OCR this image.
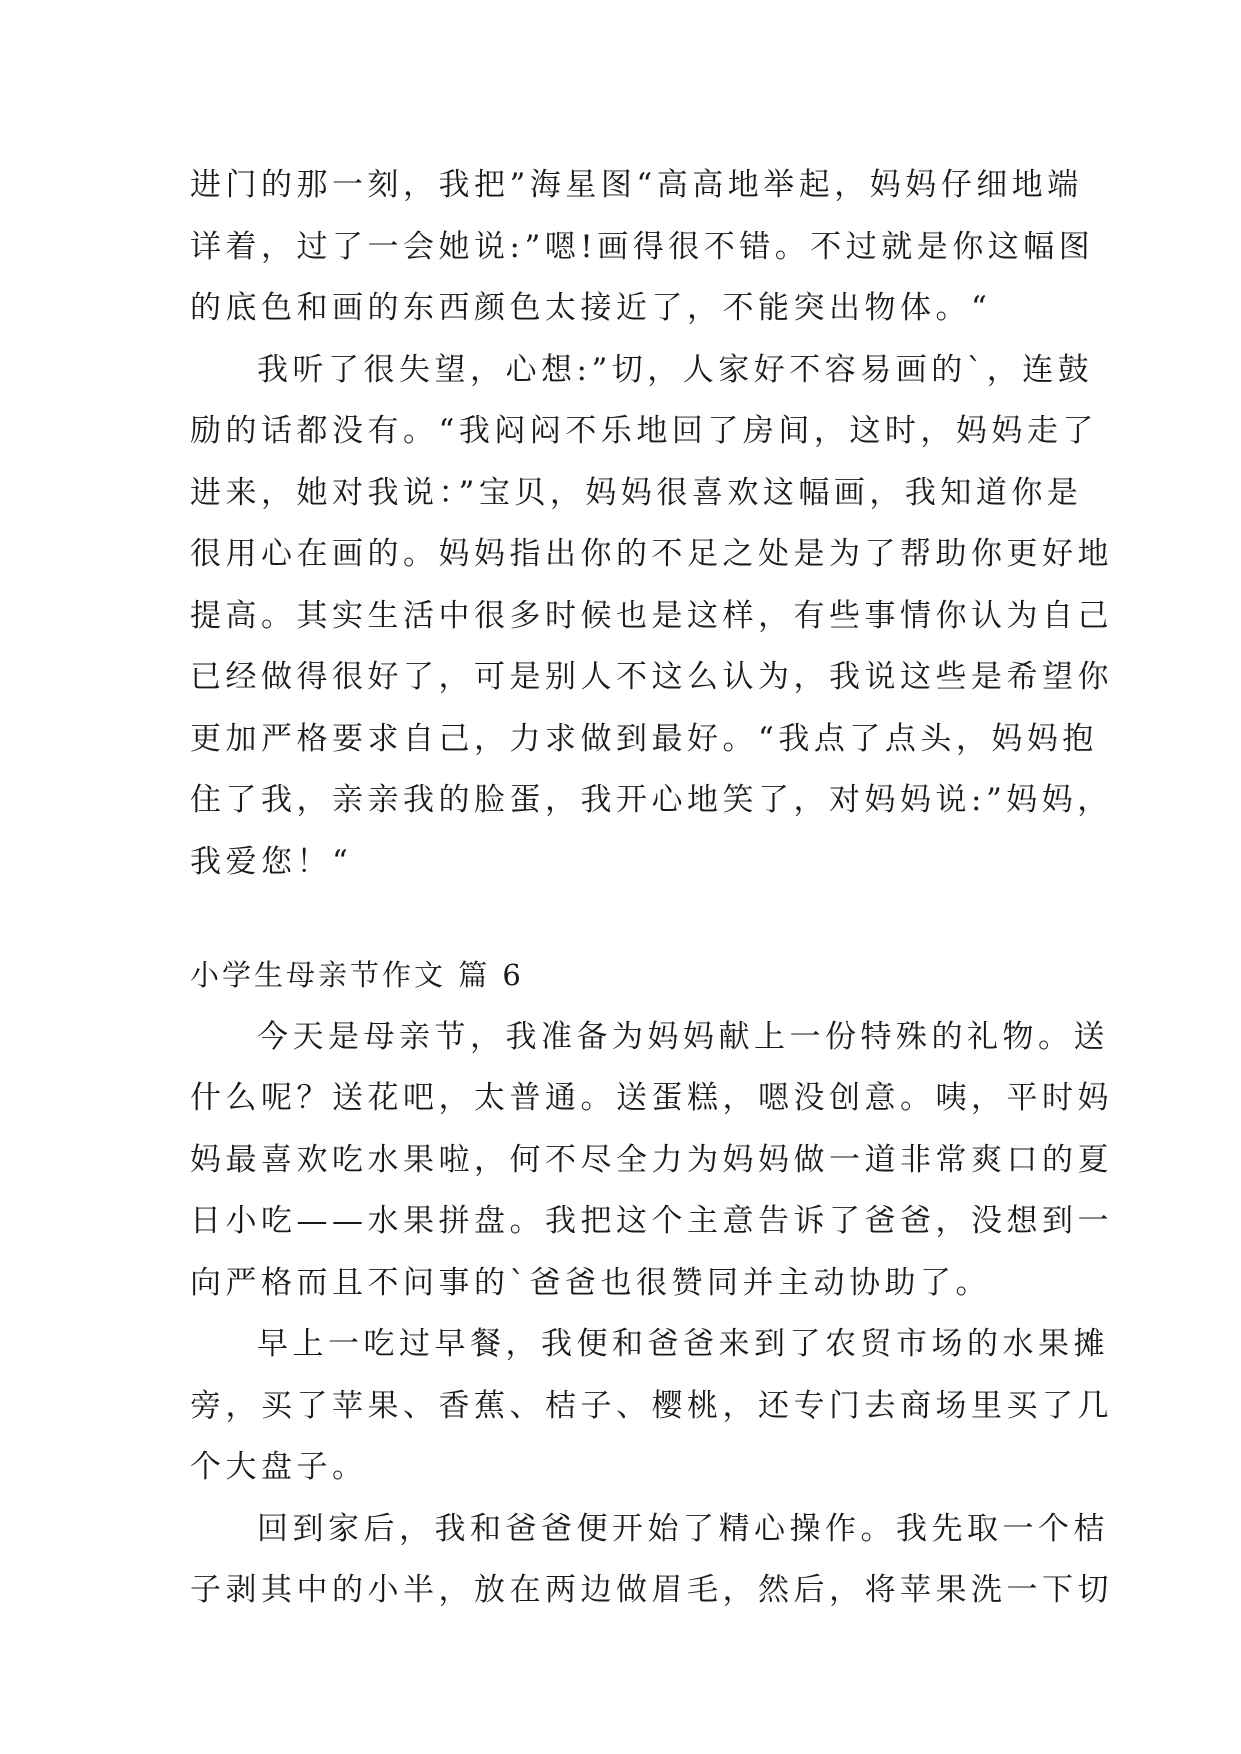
进门的那一刻，我把”海星图“高高地举起，妈妈仔细地端
详着，过了一会她说:”嗯!画得很不错。不过就是你这幅图
的底色和画的东西颜色太接近了，不能突出物体。“
我听了很失望，心想:”切，人家好不容易画的`，连鼓
励的话都没有。“我闷闷不乐地回了房间，这时，妈妈走了
进来，她对我说：”宝贝，妈妈很喜欢这幅画，我知道你是
很用心在画的。妈妈指出你的不足之处是为了帮助你更好地
提高。其实生活中很多时候也是这样，有些事情你认为自己
已经做得很好了，可是别人不这么认为，我说这些是希望你
更加严格要求自己，力求做到最好。“我点了点头，妈妈抱
住了我，亲亲我的脸蛋，我开心地笑了，对妈妈说:”妈妈，
我爱您！“
小学生母亲节作文 篇 6
今天是母亲节，我准备为妈妈献上一份特殊的礼物。送
什么呢？送花吧，太普通。送蛋糕，嗯没创意。咦，平时妈
妈最喜欢吃水果啦，何不尽全力为妈妈做一道非常爽口的夏
日小吃——水果拼盘。我把这个主意告诉了爸爸，没想到一
向严格而且不问事的`爸爸也很赞同并主动协助了。
早上一吃过早餐，我便和爸爸来到了农贸市场的水果摊
旁，买了苹果、香蕉、桔子、樱桃，还专门去商场里买了几
个大盘子。
回到家后，我和爸爸便开始了精心操作。我先取一个桔
子剥其中的小半，放在两边做眉毛，然后，将苹果洗一下切
